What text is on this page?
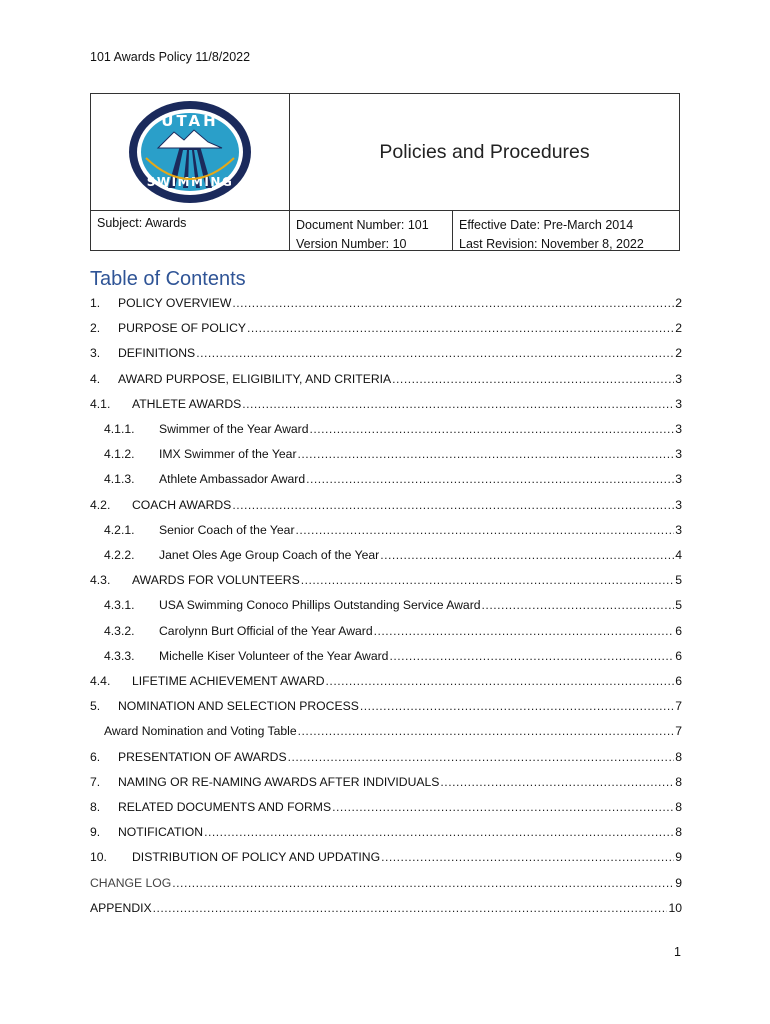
101 Awards Policy 11/8/2022
UTAH
SWIMMING
Policies and Procedures
Subject: Awards	Document Number: 101
Version Number: 10
Effective Date: Pre-March 2014
Last Revision: November 8, 2022
Table of Contents
1.	POLICY OVERVIEW .....	2
2.	PURPOSE OF POLICY .....	2
3.	DEFINITIONS .....	2
4.	AWARD PURPOSE, ELIGIBILITY, AND CRITERIA .....	3
4.1.	ATHLETE AWARDS .....	3
4.1.1.	Swimmer of the Year Award .....	3
4.1.2.	IMX Swimmer of the Year .....	3
4.1.3.	Athlete Ambassador Award .....	3
4.2.	COACH AWARDS .....	3
4.2.1.	Senior Coach of the Year .....	3
4.2.2.	Janet Oles Age Group Coach of the Year .....	4
4.3.	AWARDS FOR VOLUNTEERS .....	5
4.3.1.	USA Swimming Conoco Phillips Outstanding Service Award .....	5
4.3.2.	Carolynn Burt Official of the Year Award .....	6
4.3.3.	Michelle Kiser Volunteer of the Year Award .....	6
4.4.	LIFETIME ACHIEVEMENT AWARD .....	6
5.	NOMINATION AND SELECTION PROCESS .....	7
Award Nomination and Voting Table .....	7
6.	PRESENTATION OF AWARDS .....	8
7.	NAMING OR RE-NAMING AWARDS AFTER INDIVIDUALS .....	8
8.	RELATED DOCUMENTS AND FORMS .....	8
9.	NOTIFICATION .....	8
10.	DISTRIBUTION OF POLICY AND UPDATING .....	9
CHANGE LOG .....	9
APPENDIX .....	10
1
